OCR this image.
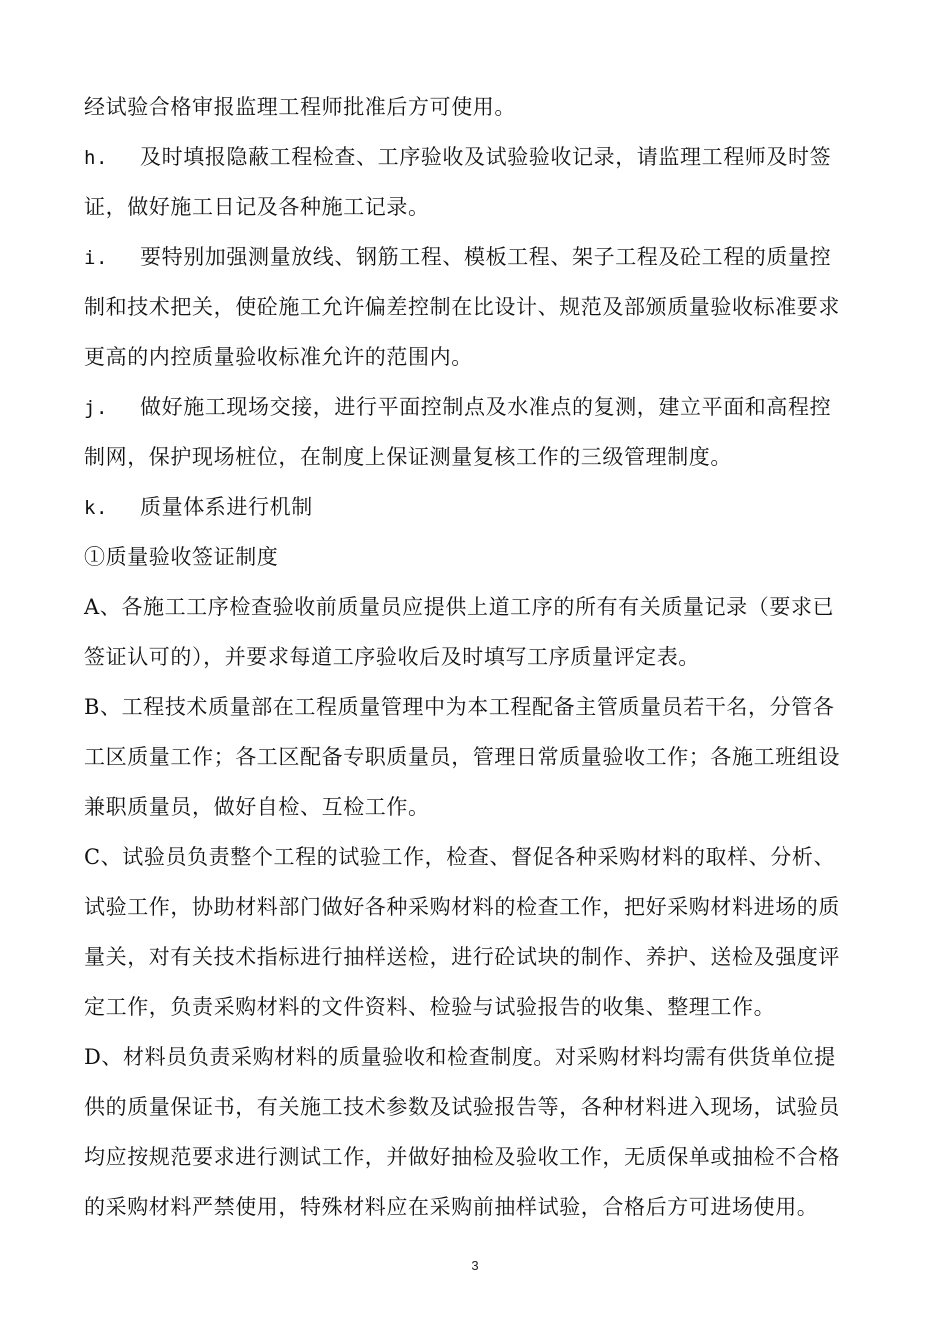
经试验合格审报监理工程师批准后方可使用。
h. 及时填报隐蔽工程检查、工序验收及试验验收记录，请监理工程师及时签
证，做好施工日记及各种施工记录。
i. 要特别加强测量放线、钢筋工程、模板工程、架子工程及砼工程的质量控
制和技术把关，使砼施工允许偏差控制在比设计、规范及部颁质量验收标准要求
更高的内控质量验收标准允许的范围内。
j. 做好施工现场交接，进行平面控制点及水准点的复测，建立平面和高程控
制网，保护现场桩位，在制度上保证测量复核工作的三级管理制度。
k. 质量体系进行机制
①质量验收签证制度
A、各施工工序检查验收前质量员应提供上道工序的所有有关质量记录（要求已
签证认可的），并要求每道工序验收后及时填写工序质量评定表。
B、工程技术质量部在工程质量管理中为本工程配备主管质量员若干名，分管各
工区质量工作；各工区配备专职质量员，管理日常质量验收工作；各施工班组设
兼职质量员，做好自检、互检工作。
C、试验员负责整个工程的试验工作，检查、督促各种采购材料的取样、分析、
试验工作，协助材料部门做好各种采购材料的检查工作，把好采购材料进场的质
量关，对有关技术指标进行抽样送检，进行砼试块的制作、养护、送检及强度评
定工作，负责采购材料的文件资料、检验与试验报告的收集、整理工作。
D、材料员负责采购材料的质量验收和检查制度。对采购材料均需有供货单位提
供的质量保证书，有关施工技术参数及试验报告等，各种材料进入现场，试验员
均应按规范要求进行测试工作，并做好抽检及验收工作，无质保单或抽检不合格
的采购材料严禁使用，特殊材料应在采购前抽样试验，合格后方可进场使用。
3
